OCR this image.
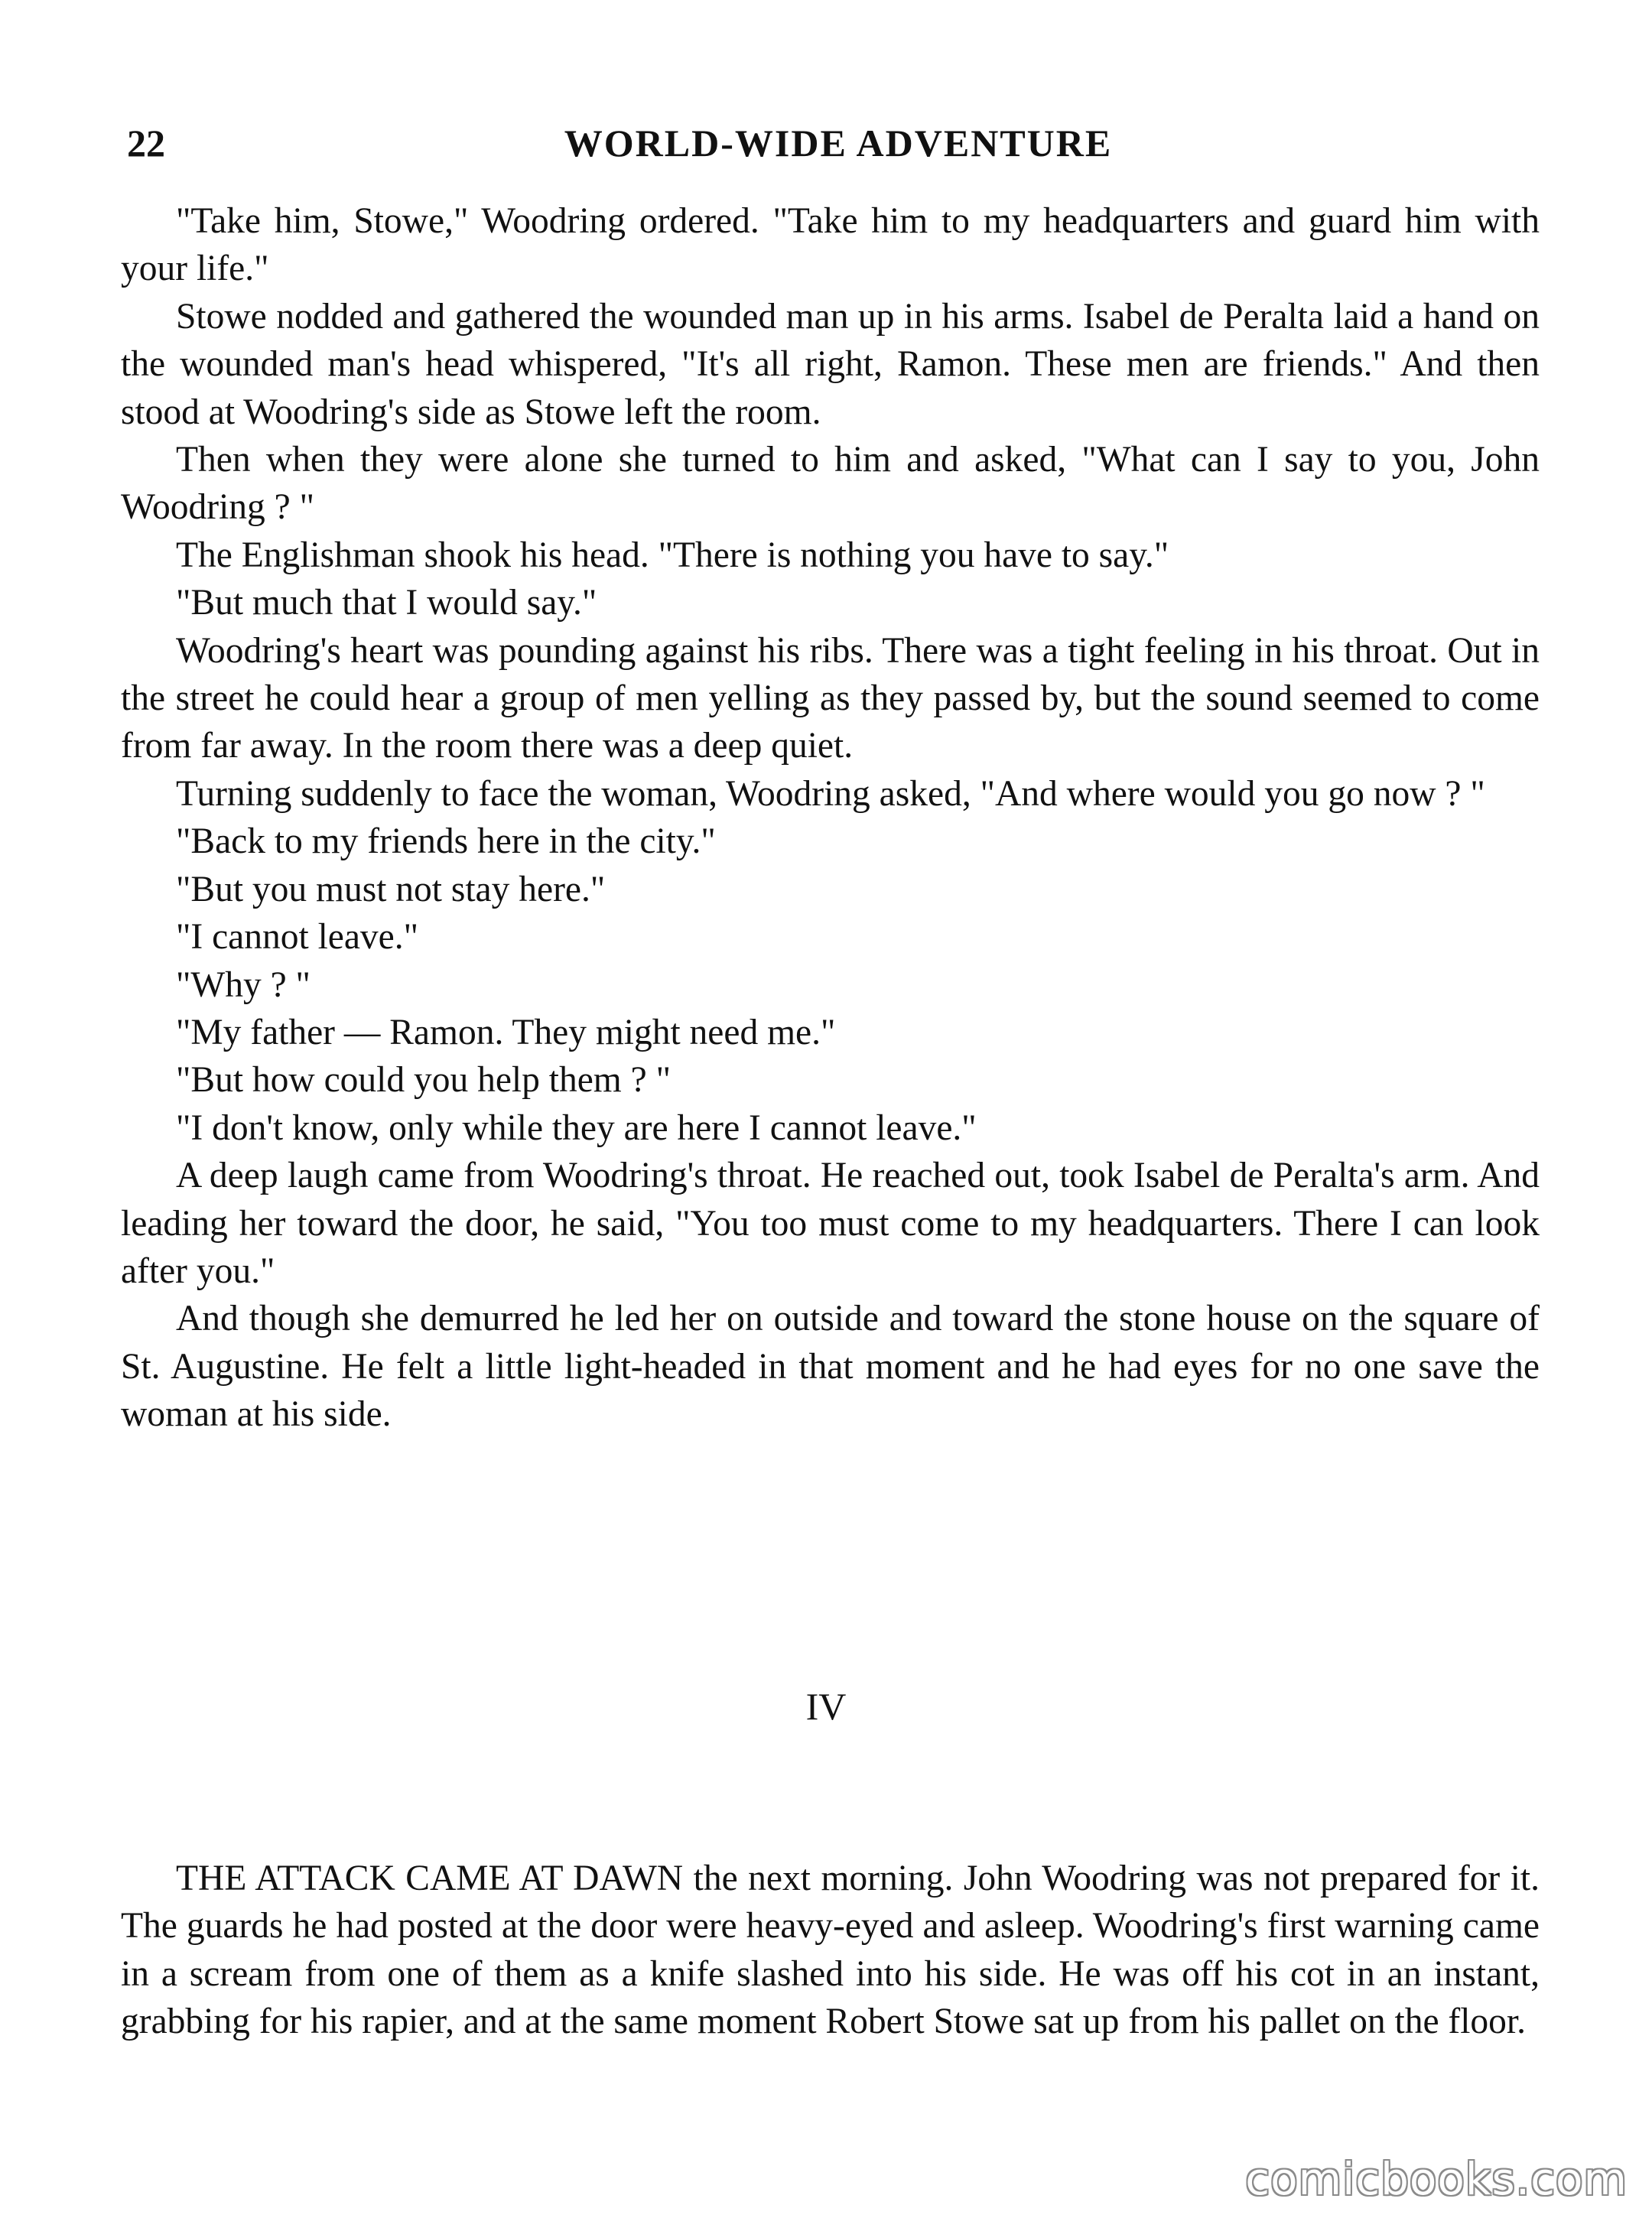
22	WORLD-WIDE ADVENTURE

"Take him, Stowe," Woodring ordered. "Take him to my headquarters and guard him with your life."

Stowe nodded and gathered the wounded man up in his arms. Isabel de Peralta laid a hand on the wounded man's head whispered, "It's all right, Ramon. These men are friends." And then stood at Woodring's side as Stowe left the room.

Then when they were alone she turned to him and asked, "What can I say to you, John Woodring ? "

The Englishman shook his head. "There is nothing you have to say."

"But much that I would say."

Woodring's heart was pounding against his ribs. There was a tight feeling in his throat. Out in the street he could hear a group of men yelling as they passed by, but the sound seemed to come from far away. In the room there was a deep quiet.

Turning suddenly to face the woman, Woodring asked, "And where would you go now ? "

"Back to my friends here in the city."

"But you must not stay here."

"I cannot leave."

"Why ? "

"My father — Ramon. They might need me."

"But how could you help them ? "

"I don't know, only while they are here I cannot leave."

A deep laugh came from Woodring's throat. He reached out, took Isabel de Peralta's arm. And leading her toward the door, he said, "You too must come to my headquarters. There I can look after you."

And though she demurred he led her on outside and toward the stone house on the square of St. Augustine. He felt a little light-headed in that moment and he had eyes for no one save the woman at his side.

IV

THE ATTACK CAME AT DAWN the next morning. John Woodring was not prepared for it. The guards he had posted at the door were heavy-eyed and asleep. Woodring's first warning came in a scream from one of them as a knife slashed into his side. He was off his cot in an instant, grabbing for his rapier, and at the same moment Robert Stowe sat up from his pallet on the floor.

comicbooks.com
